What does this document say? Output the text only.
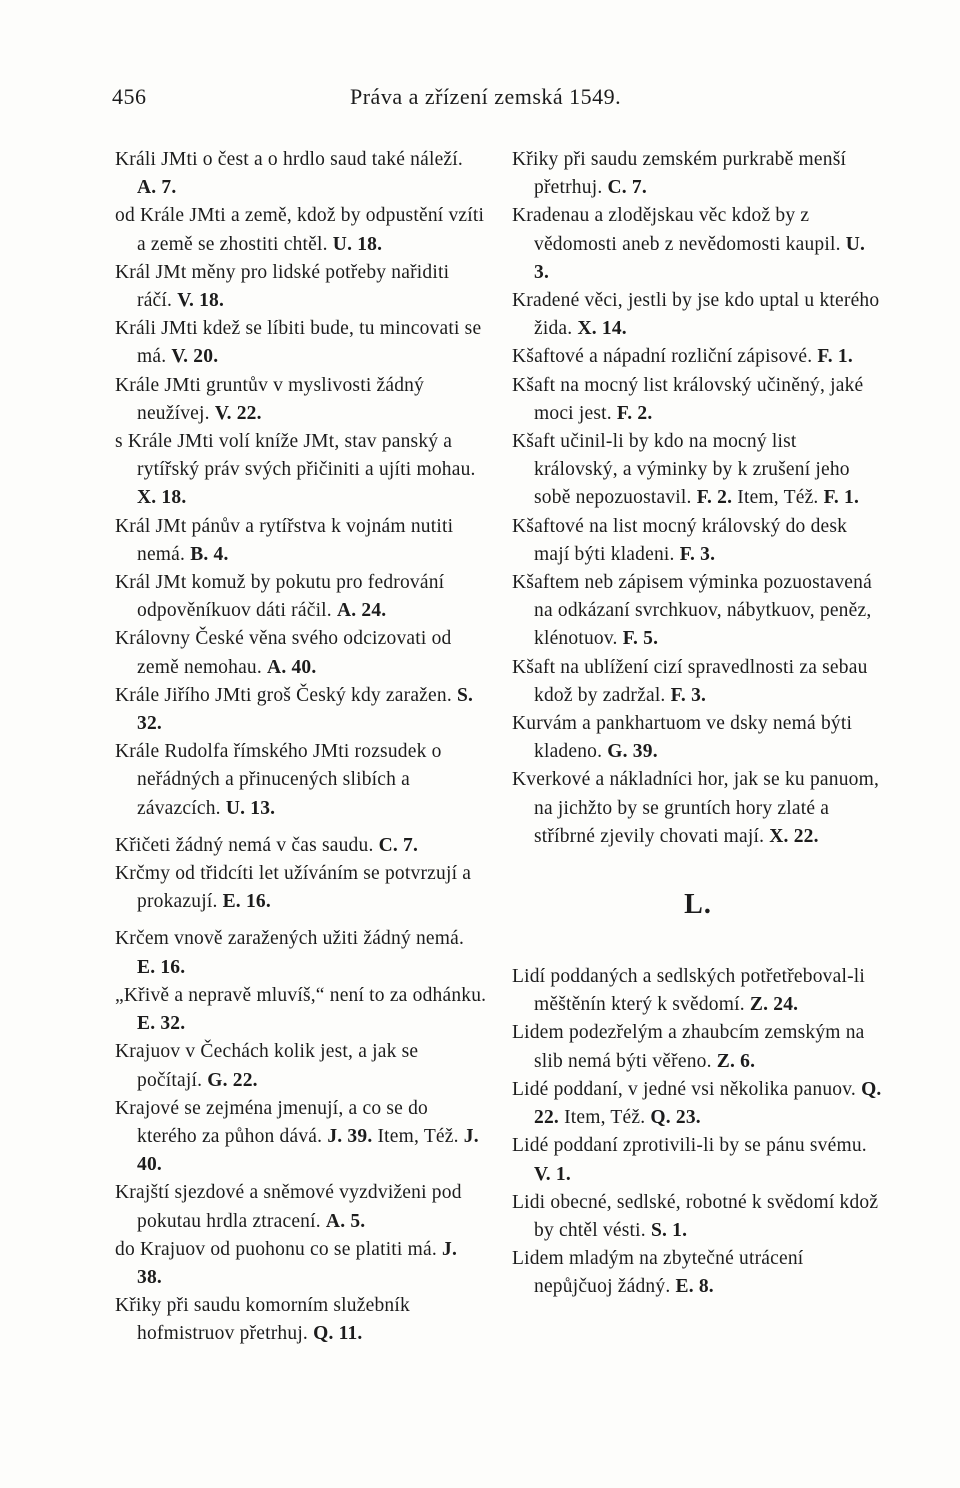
456	Práva a zřízení zemská 1549.

Králi JMti o čest a o hrdlo saud také náleží. A. 7.

od Krále JMti a země, kdož by odpustění vzíti a země se zhostiti chtěl. U. 18.

Král JMt měny pro lidské potřeby nařiditi ráčí. V. 18.

Králi JMti kdež se líbiti bude, tu mincovati se má. V. 20.

Krále JMti gruntův v myslivosti žádný neužívej. V. 22.

s Krále JMti volí kníže JMt, stav panský a rytířský práv svých přičiniti a ujíti mohau. X. 18.

Král JMt pánův a rytířstva k vojnám nutiti nemá. B. 4.

Král JMt komuž by pokutu pro fedrování odpověníkuov dáti ráčil. A. 24.

Královny České věna svého odcizovati od země nemohau. A. 40.

Krále Jiřího JMti groš Český kdy zaražen. S. 32.

Krále Rudolfa římského JMti rozsudek o neřádných a přinucených slibích a závazcích. U. 13.

Křičeti žádný nemá v čas saudu. C. 7.

Krčmy od třidcíti let užíváním se potvrzují a prokazují. E. 16.

Krčem vnově zaražených užiti žádný nemá. E. 16.

„Křivě a nepravě mluvíš,“ není to za odhánku. E. 32.

Krajuov v Čechách kolik jest, a jak se počítají. G. 22.

Krajové se zejména jmenují, a co se do kterého za půhon dává. J. 39. Item, Též. J. 40.

Krajští sjezdové a sněmové vyzdviženi pod pokutau hrdla ztracení. A. 5.

do Krajuov od puohonu co se platiti má. J. 38.

Křiky při saudu komorním služebník hofmistruov přetrhuj. Q. 11.

Křiky při saudu zemském purkrabě menší přetrhuj. C. 7.

Kradenau a zlodějskau věc kdož by z vědomosti aneb z nevědomosti kaupil. U. 3.

Kradené věci, jestli by jse kdo uptal u kterého žida. X. 14.

Kšaftové a nápadní rozliční zápisové. F. 1.

Kšaft na mocný list královský učiněný, jaké moci jest. F. 2.

Kšaft učinil-li by kdo na mocný list královský, a výminky by k zrušení jeho sobě nepozuostavil. F. 2. Item, Též. F. 1.

Kšaftové na list mocný královský do desk mají býti kladeni. F. 3.

Kšaftem neb zápisem výminka pozuostavená na odkázaní svrchkuov, nábytkuov, peněz, klénotuov. F. 5.

Kšaft na ublížení cizí spravedlnosti za sebau kdož by zadržal. F. 3.

Kurvám a pankhartuom ve dsky nemá býti kladeno. G. 39.

Kverkové a nákladníci hor, jak se ku panuom, na jichžto by se gruntích hory zlaté a stříbrné zjevily chovati mají. X. 22.

L.

Lidí poddaných a sedlských potřetřeboval-li měštěnín který k svědomí. Z. 24.

Lidem podezřelým a zhaubcím zemským na slib nemá býti věřeno. Z. 6.

Lidé poddaní, v jedné vsi několika panuov. Q. 22. Item, Též. Q. 23.

Lidé poddaní zprotivili-li by se pánu svému. V. 1.

Lidi obecné, sedlské, robotné k svědomí kdož by chtěl vésti. S. 1.

Lidem mladým na zbytečné utrácení nepůjčuoj žádný. E. 8.
